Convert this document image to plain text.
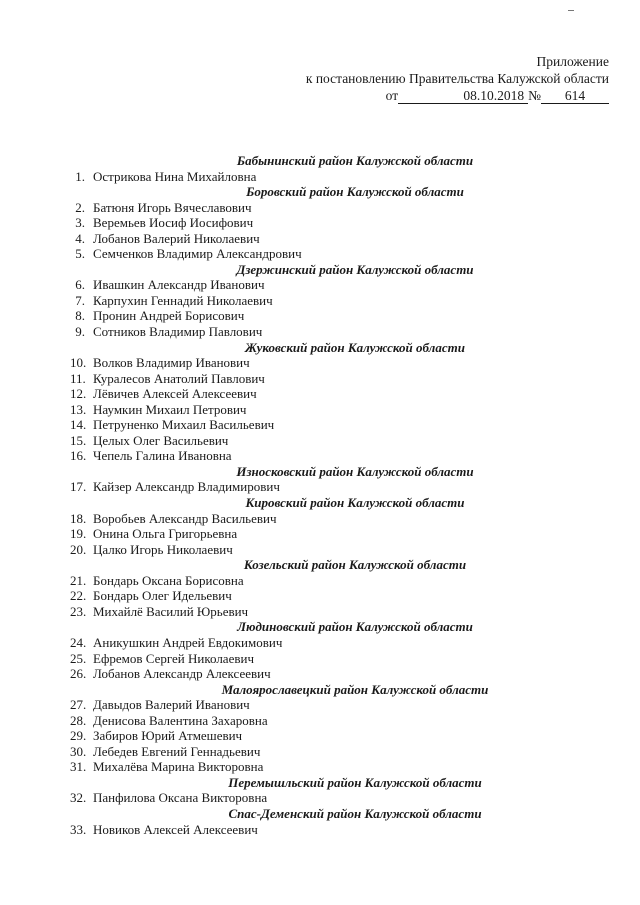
Приложение
к постановлению Правительства Калужской области
от	08.10.2018 №	614
Бабынинский район Калужской области
1. Острикова Нина Михайловна
Боровский район Калужской области
2. Батюня Игорь Вячеславович
3. Веремьев Иосиф Иосифович
4. Лобанов Валерий Николаевич
5. Семченков Владимир Александрович
Дзержинский район Калужской области
6. Ивашкин Александр Иванович
7. Карпухин Геннадий Николаевич
8. Пронин Андрей Борисович
9. Сотников Владимир Павлович
Жуковский район Калужской области
10. Волков Владимир Иванович
11. Куралесов Анатолий Павлович
12. Лёвичев Алексей Алексеевич
13. Наумкин Михаил Петрович
14. Петруненко Михаил Васильевич
15. Целых Олег Васильевич
16. Чепель Галина Ивановна
Износковский район Калужской области
17. Кайзер Александр Владимирович
Кировский район Калужской области
18. Воробьев Александр Васильевич
19. Онина Ольга Григорьевна
20. Цалко Игорь Николаевич
Козельский район Калужской области
21. Бондарь Оксана Борисовна
22. Бондарь Олег Идельевич
23. Михайлё Василий Юрьевич
Людиновский район Калужской области
24. Аникушкин Андрей Евдокимович
25. Ефремов Сергей Николаевич
26. Лобанов Александр Алексеевич
Малоярославецкий район Калужской области
27. Давыдов Валерий Иванович
28. Денисова Валентина Захаровна
29. Забиров Юрий Атмешевич
30. Лебедев Евгений Геннадьевич
31. Михалёва Марина Викторовна
Перемышльский район Калужской области
32. Панфилова Оксана Викторовна
Спас-Деменский район Калужской области
33. Новиков Алексей Алексеевич
